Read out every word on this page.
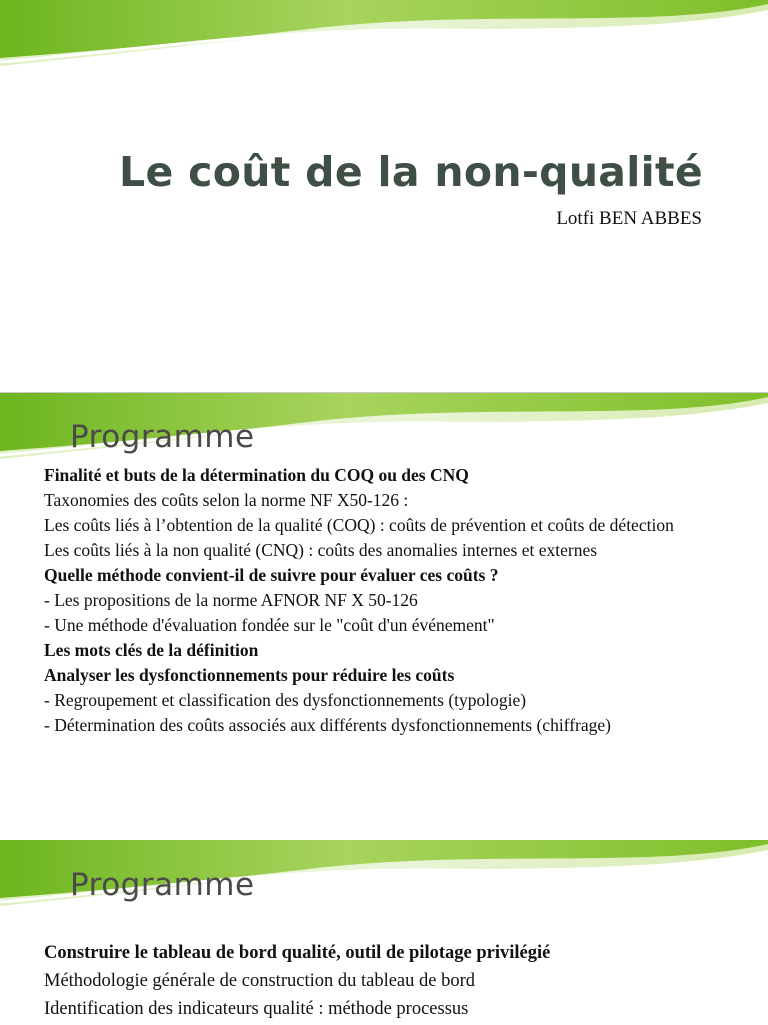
Le coût de la non-qualité

Lotfi BEN ABBES

Programme
Finalité et buts de la détermination du COQ ou des CNQ
Taxonomies des coûts selon la norme NF X50-126 :
Les coûts liés à l’obtention de la qualité (COQ) : coûts de prévention et coûts de détection
Les coûts liés à la non qualité (CNQ) : coûts des anomalies internes et externes
Quelle méthode convient-il de suivre pour évaluer ces coûts ?
- Les propositions de la norme AFNOR NF X 50-126
- Une méthode d'évaluation fondée sur le "coût d'un événement"
Les mots clés de la définition
Analyser les dysfonctionnements pour réduire les coûts
- Regroupement et classification des dysfonctionnements (typologie)
- Détermination des coûts associés aux différents dysfonctionnements (chiffrage)
Programme
Construire le tableau de bord qualité, outil de pilotage privilégié
Méthodologie générale de construction du tableau de bord
Identification des indicateurs qualité : méthode processus
